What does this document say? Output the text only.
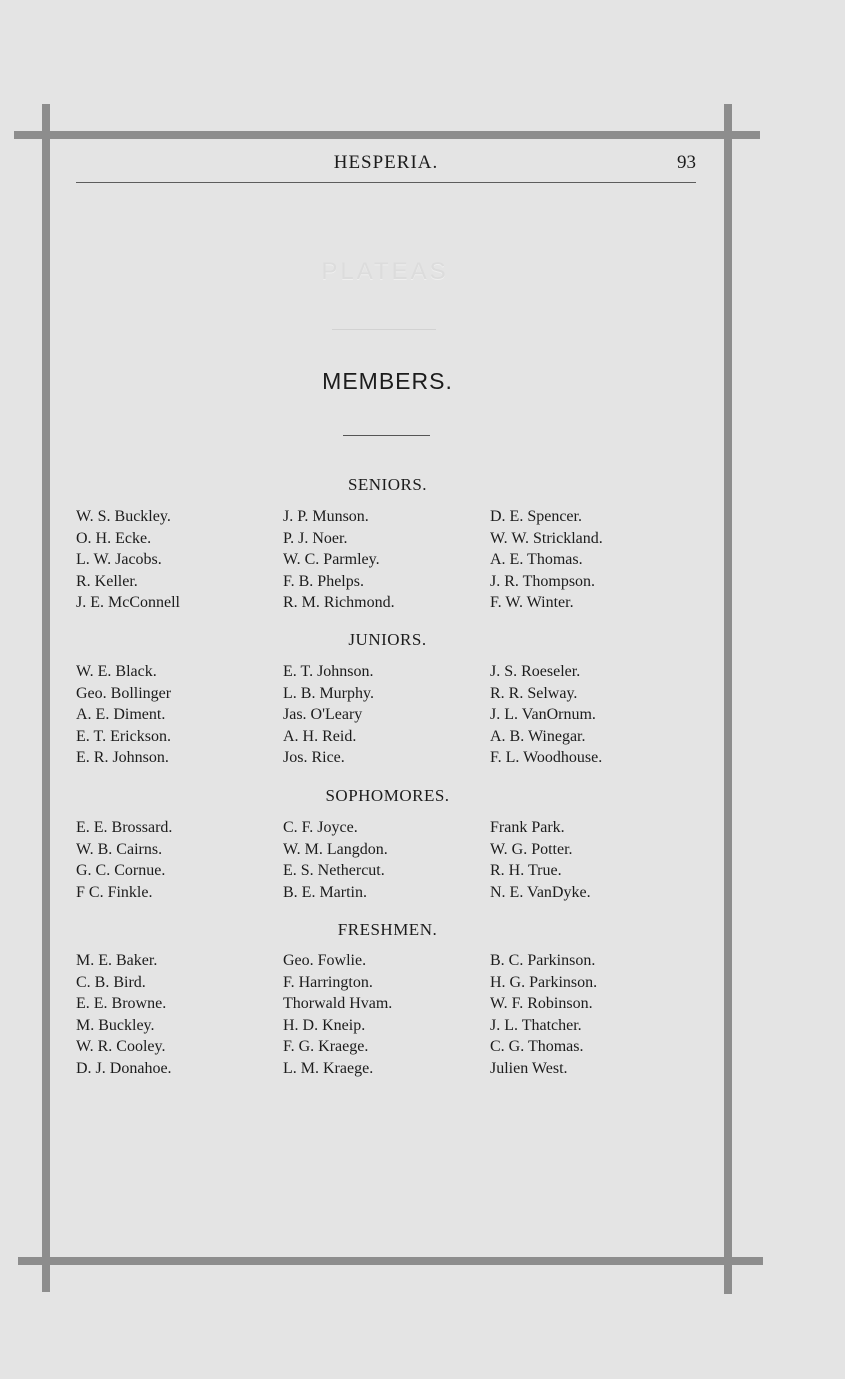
HESPERIA.	93
PLATEAS
MEMBERS.
SENIORS.
W. S. Buckley.
O. H. Ecke.
L. W. Jacobs.
R. Keller.
J. E. McConnell
J. P. Munson.
P. J. Noer.
W. C. Parmley.
F. B. Phelps.
R. M. Richmond.
D. E. Spencer.
W. W. Strickland.
A. E. Thomas.
J. R. Thompson.
F. W. Winter.
JUNIORS.
W. E. Black.
Geo. Bollinger
A. E. Diment.
E. T. Erickson.
E. R. Johnson.
E. T. Johnson.
L. B. Murphy.
Jas. O'Leary
A. H. Reid.
Jos. Rice.
J. S. Roeseler.
R. R. Selway.
J. L. VanOrnum.
A. B. Winegar.
F. L. Woodhouse.
SOPHOMORES.
E. E. Brossard.
W. B. Cairns.
G. C. Cornue.
F C. Finkle.
C. F. Joyce.
W. M. Langdon.
E. S. Nethercut.
B. E. Martin.
Frank Park.
W. G. Potter.
R. H. True.
N. E. VanDyke.
FRESHMEN.
M. E. Baker.
C. B. Bird.
E. E. Browne.
M. Buckley.
W. R. Cooley.
D. J. Donahoe.
Geo. Fowlie.
F. Harrington.
Thorwald Hvam.
H. D. Kneip.
F. G. Kraege.
L. M. Kraege.
B. C. Parkinson.
H. G. Parkinson.
W. F. Robinson.
J. L. Thatcher.
C. G. Thomas.
Julien West.
